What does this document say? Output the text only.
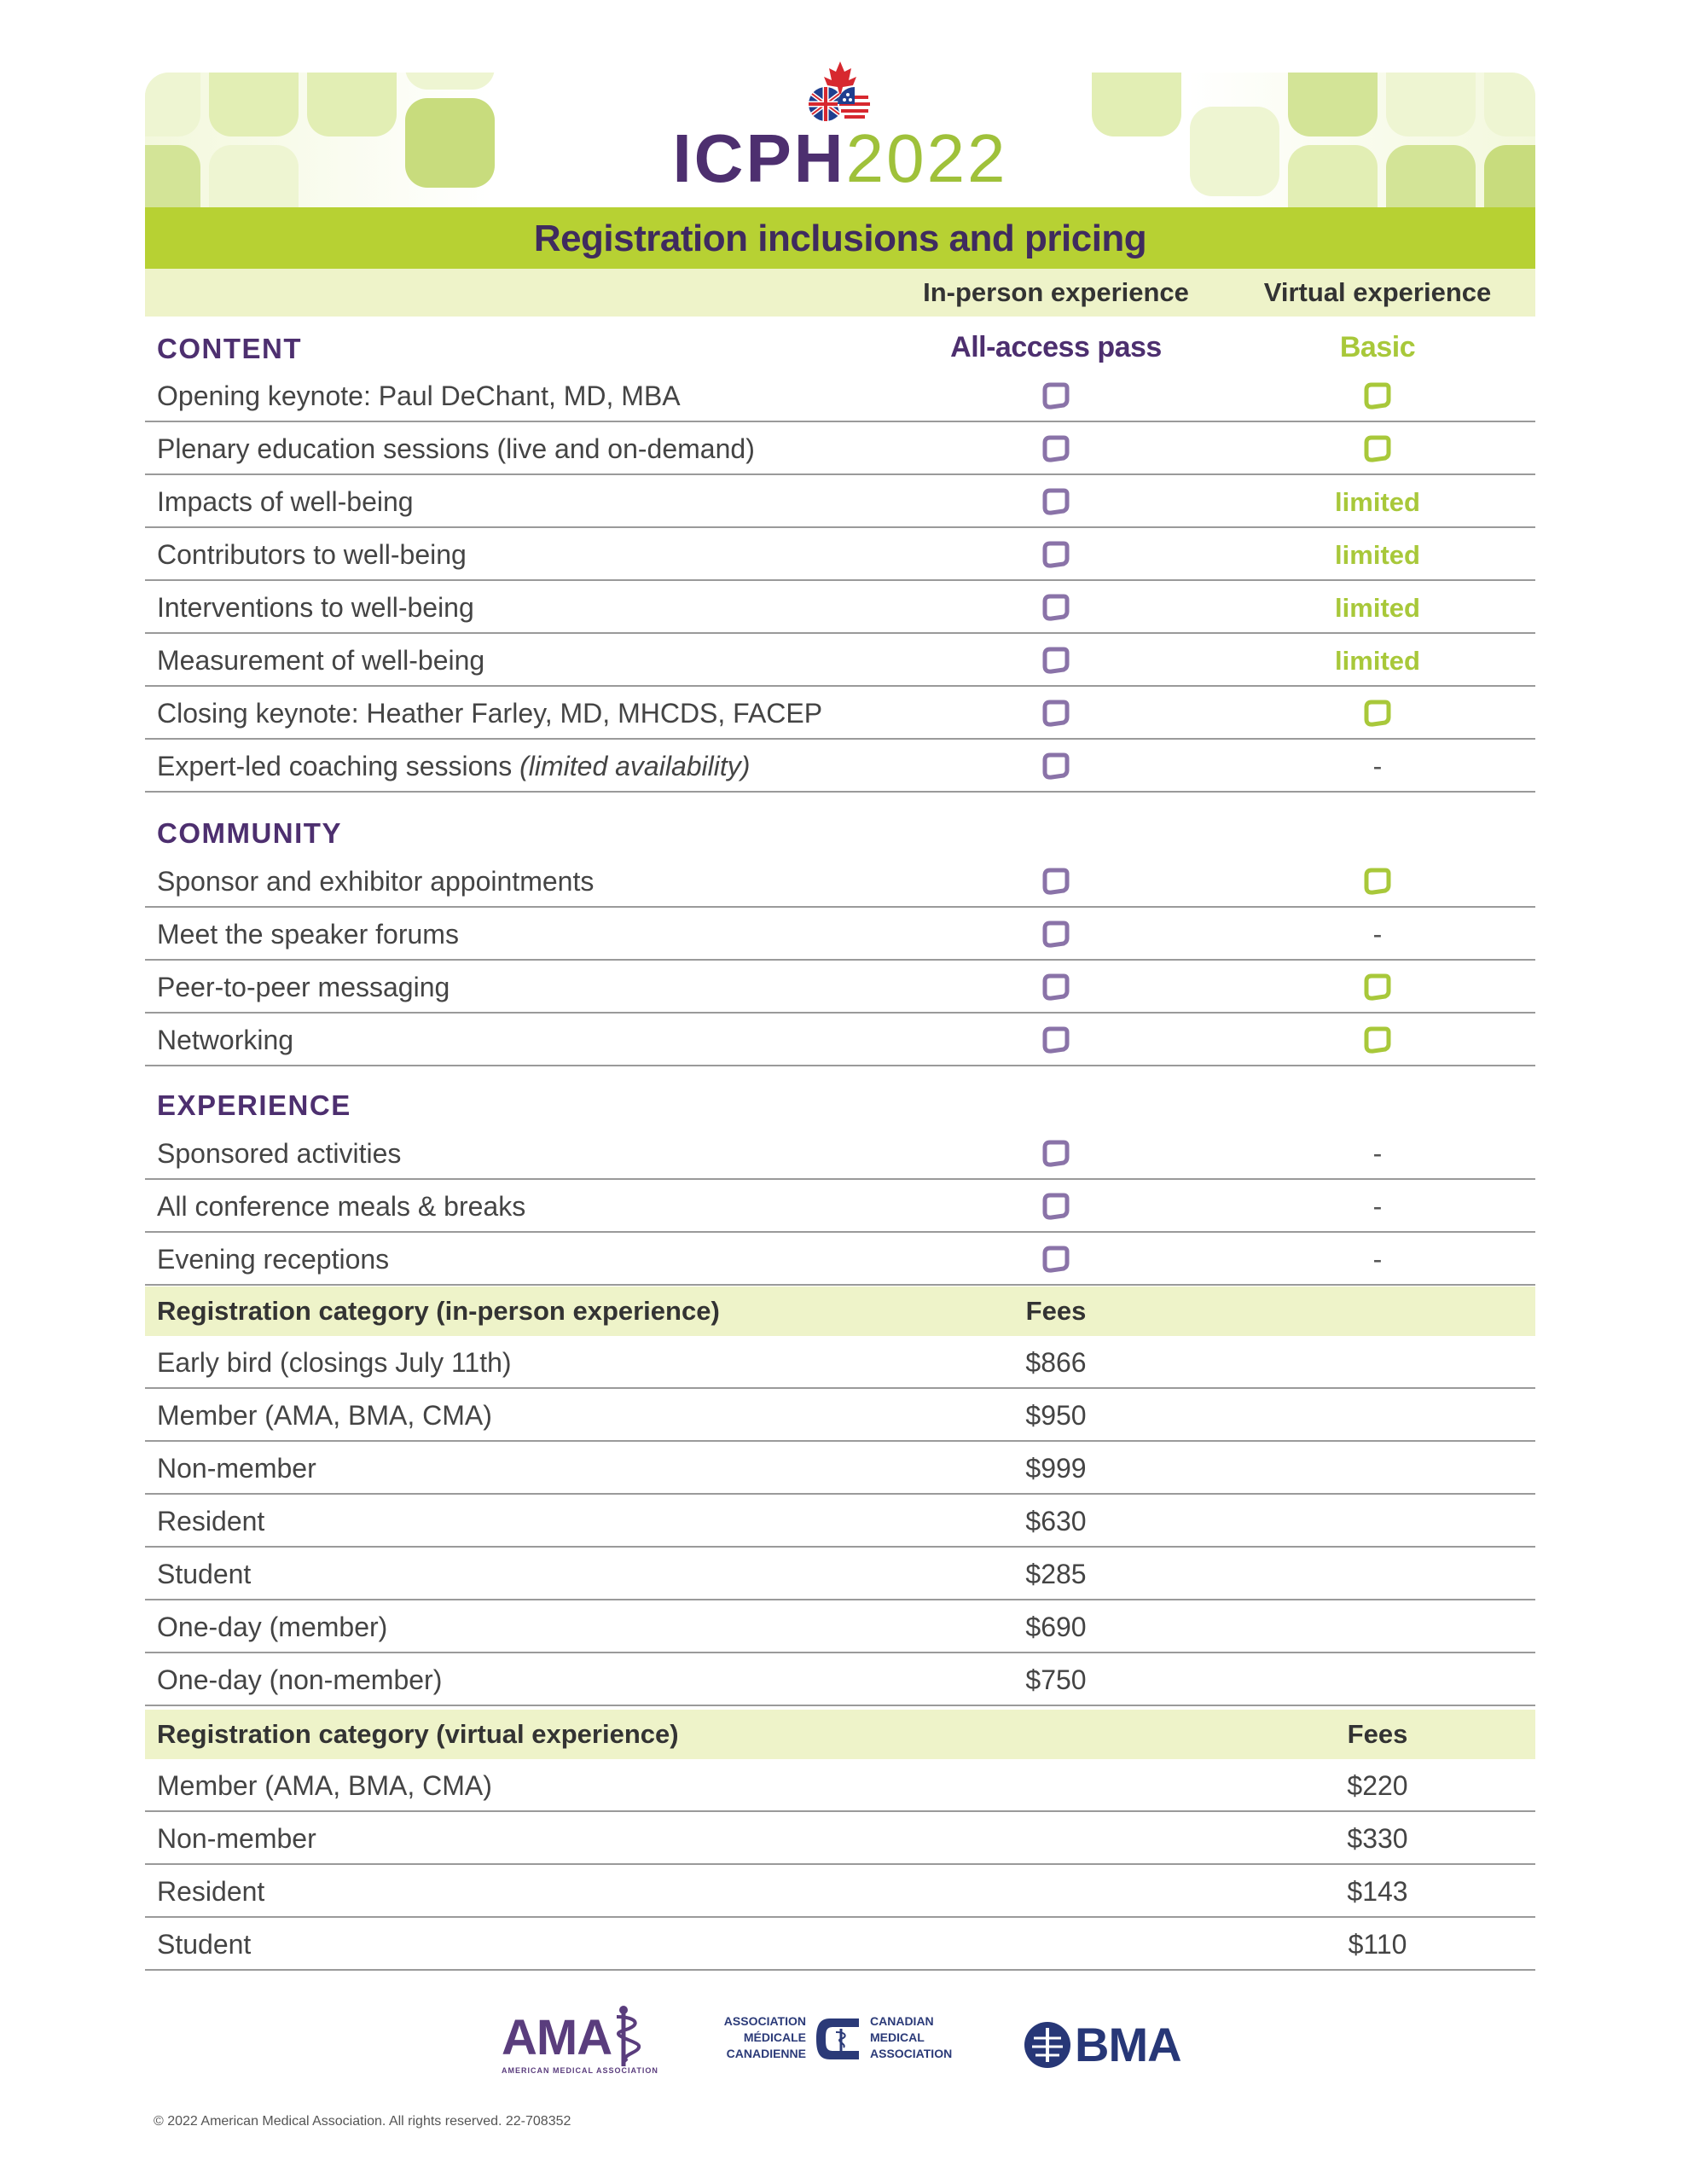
ICPH2022
Registration inclusions and pricing
In-person experience	Virtual experience
CONTENT	All-access pass	Basic
Opening keynote: Paul DeChant, MD, MBA
Plenary education sessions (live and on-demand)
Impacts of well-being	limited
Contributors to well-being	limited
Interventions to well-being	limited
Measurement of well-being	limited
Closing keynote: Heather Farley, MD, MHCDS, FACEP
Expert-led coaching sessions (limited availability)	-
COMMUNITY
Sponsor and exhibitor appointments
Meet the speaker forums	-
Peer-to-peer messaging
Networking
EXPERIENCE
Sponsored activities	-
All conference meals & breaks	-
Evening receptions	-
Registration category (in-person experience)	Fees
Early bird (closings July 11th)	$866
Member (AMA, BMA, CMA)	$950
Non-member	$999
Resident	$630
Student	$285
One-day (member)	$690
One-day (non-member)	$750
Registration category (virtual experience)	Fees
Member (AMA, BMA, CMA)	$220
Non-member	$330
Resident	$143
Student	$110
AMA
AMERICAN MEDICAL ASSOCIATION
ASSOCIATION MÉDICALE CANADIENNE
CANADIAN MEDICAL ASSOCIATION	BMA
© 2022 American Medical Association. All rights reserved. 22-708352
